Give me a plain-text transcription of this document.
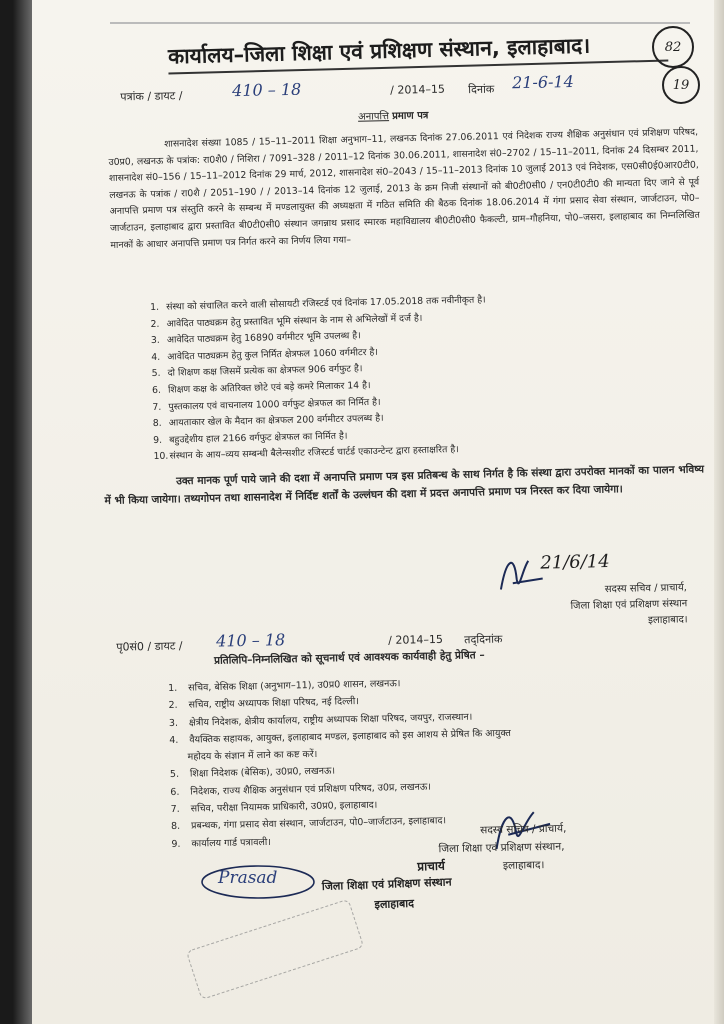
कार्यालय–जिला शिक्षा एवं प्रशिक्षण संस्थान, इलाहाबाद।
पत्रांक / डायट /	410 – 18	/ 2014–15 दिनांक 21-6-14
82
19
अनापत्ति प्रमाण पत्र
शासनादेश संख्या 1085 / 15–11–2011 शिक्षा अनुभाग–11, लखनऊ दिनांक 27.06.2011 एवं निदेशक राज्य शैक्षिक अनुसंधान एवं प्रशिक्षण परिषद, उ0प्र0, लखनऊ के पत्रांक: रा0शै0 / निशिरा / 7091–328 / 2011–12 दिनांक 30.06.2011, शासनादेश सं0–2702 / 15–11–2011, दिनांक 24 दिसम्बर 2011, शासनादेश सं0–156 / 15–11–2012 दिनांक 29 मार्च, 2012, शासनादेश सं0–2043 / 15–11–2013 दिनांक 10 जुलाई 2013 एवं निदेशक, एस0सी0ई0आर0टी0, लखनऊ के पत्रांक / रा0शै / 2051–190 / / 2013–14 दिनांक 12 जुलाई, 2013 के क्रम निजी संस्थानों को बी0टी0सी0 / एन0टी0टी0 की मान्यता दिए जाने से पूर्व अनापत्ति प्रमाण पत्र संस्तुति करने के सम्बन्ध में मण्डलायुक्त की अध्यक्षता में गठित समिति की बैठक दिनांक 18.06.2014 में गंगा प्रसाद सेवा संस्थान, जार्जटाउन, पो0–जार्जटाउन, इलाहाबाद द्वारा प्रस्तावित बी0टी0सी0 संस्थान जगन्नाथ प्रसाद स्मारक महाविद्यालय बी0टी0सी0 फैकल्टी, ग्राम–गौहनिया, पो0–जसरा, इलाहाबाद का निम्नलिखित मानकों के आधार अनापत्ति प्रमाण पत्र निर्गत करने का निर्णय लिया गया–
1. संस्था को संचालित करने वाली सोसायटी रजिस्टर्ड एवं दिनांक 17.05.2018 तक नवीनीकृत है।
2. आवेदित पाठ्यक्रम हेतु प्रस्तावित भूमि संस्थान के नाम से अभिलेखों में दर्ज है।
3. आवेदित पाठ्यक्रम हेतु 16890 वर्गमीटर भूमि उपलब्ध है।
4. आवेदित पाठ्यक्रम हेतु कुल निर्मित क्षेत्रफल 1060 वर्गमीटर है।
5. दो शिक्षण कक्ष जिसमें प्रत्येक का क्षेत्रफल 906 वर्गफुट है।
6. शिक्षण कक्ष के अतिरिक्त छोटे एवं बड़े कमरे मिलाकर 14 है।
7. पुस्तकालय एवं वाचनालय 1000 वर्गफुट क्षेत्रफल का निर्मित है।
8. आयताकार खेल के मैदान का क्षेत्रफल 200 वर्गमीटर उपलब्ध है।
9. बहुउद्देशीय हाल 2166 वर्गफुट क्षेत्रफल का निर्मित है।
10.संस्थान के आय–व्यय सम्बन्धी बैलेन्सशीट रजिस्टर्ड चार्टर्ड एकाउन्टेन्ट द्वारा हस्ताक्षरित है।
उक्त मानक पूर्ण पाये जाने की दशा में अनापत्ति प्रमाण पत्र इस प्रतिबन्ध के साथ निर्गत है कि संस्था द्वारा उपरोक्त मानकों का पालन भविष्य में भी किया जायेगा। तथ्यगोपन तथा शासनादेश में निर्दिष्ट शर्तों के उल्लंघन की दशा में प्रदत्त अनापत्ति प्रमाण पत्र निरस्त कर दिया जायेगा।
21/6/14
सदस्य सचिव / प्राचार्य,
जिला शिक्षा एवं प्रशिक्षण संस्थान
इलाहाबाद।
पृ0सं0 / डायट / 410 – 18	/ 2014–15 तद्‌दिनांक
प्रतिलिपि–निम्नलिखित को सूचनार्थ एवं आवश्यक कार्यवाही हेतु प्रेषित –
1. सचिव, बेसिक शिक्षा (अनुभाग–11), उ0प्र0 शासन, लखनऊ।
2. सचिव, राष्ट्रीय अध्यापक शिक्षा परिषद, नई दिल्ली।
3. क्षेत्रीय निदेशक, क्षेत्रीय कार्यालय, राष्ट्रीय अध्यापक शिक्षा परिषद, जयपुर, राजस्थान।
4. वैयक्तिक सहायक, आयुक्त, इलाहाबाद मण्डल, इलाहाबाद को इस आशय से प्रेषित कि आयुक्त
महोदय के संज्ञान में लाने का कष्ट करें।
5. शिक्षा निदेशक (बेसिक), उ0प्र0, लखनऊ।
6. निदेशक, राज्य शैक्षिक अनुसंधान एवं प्रशिक्षण परिषद, उ0प्र, लखनऊ।
7. सचिव, परीक्षा नियामक प्राधिकारी, उ0प्र0, इलाहाबाद।
8. प्रबन्धक, गंगा प्रसाद सेवा संस्थान, जार्जटाउन, पो0–जार्जटाउन, इलाहाबाद।
9. कार्यालय गार्ड पत्रावली।
सदस्य सचिव / प्राचार्य,
जिला शिक्षा एवं प्रशिक्षण संस्थान,
इलाहाबाद।
प्राचार्य
जिला शिक्षा एवं प्रशिक्षण संस्थान
इलाहाबाद
Prasad
